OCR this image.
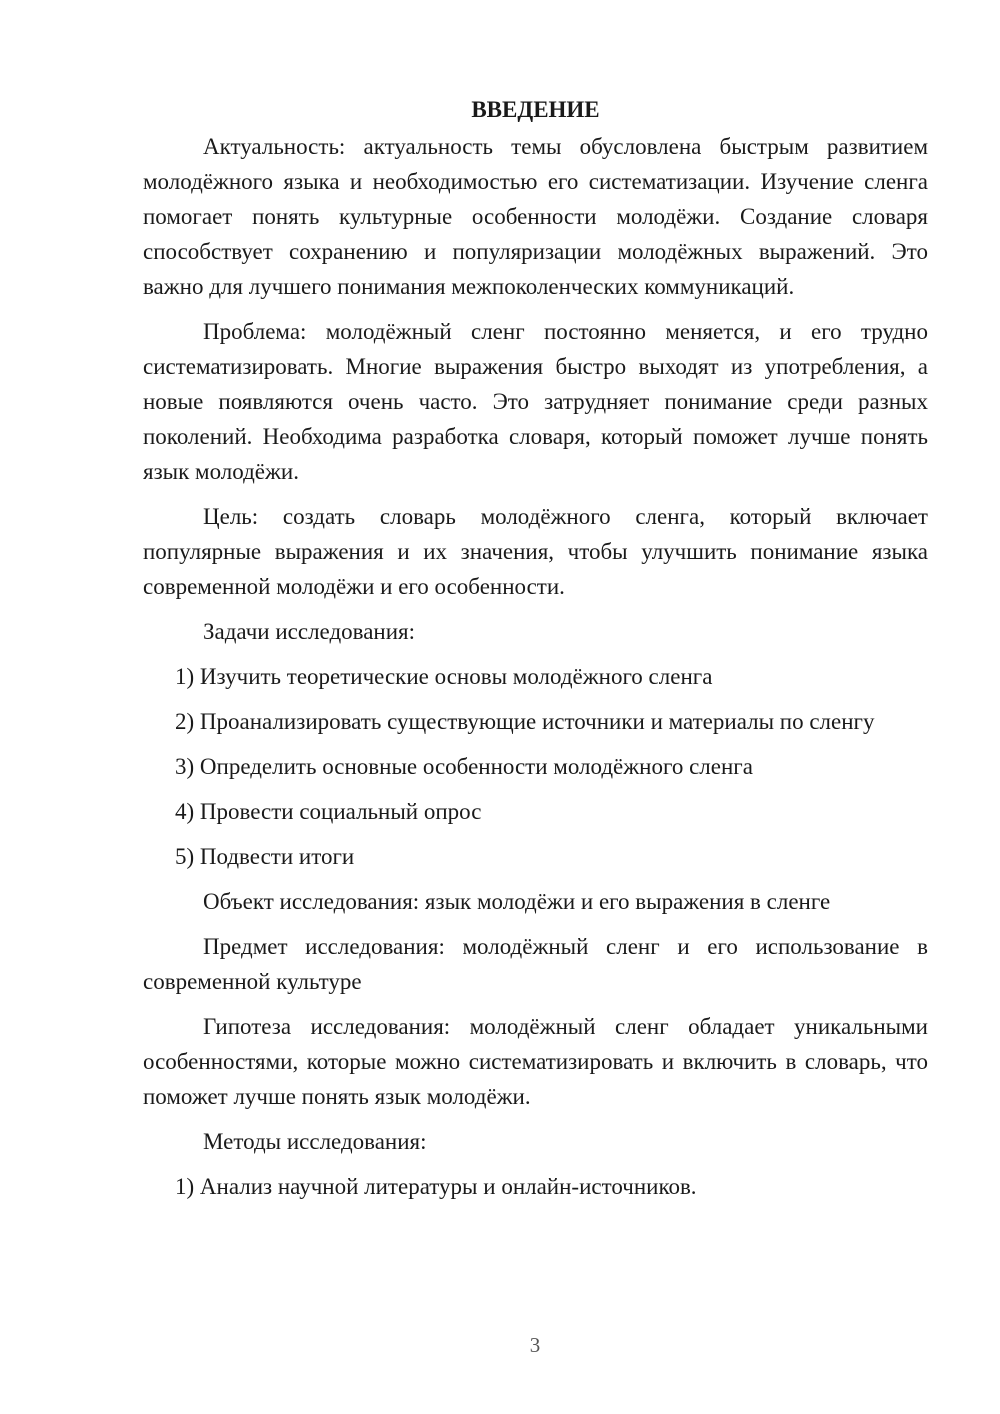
ВВЕДЕНИЕ

Актуальность: актуальность темы обусловлена быстрым развитием молодёжного языка и необходимостью его систематизации. Изучение сленга помогает понять культурные особенности молодёжи. Создание словаря способствует сохранению и популяризации молодёжных выражений. Это важно для лучшего понимания межпоколенческих коммуникаций.

Проблема: молодёжный сленг постоянно меняется, и его трудно систематизировать. Многие выражения быстро выходят из употребления, а новые появляются очень часто. Это затрудняет понимание среди разных поколений. Необходима разработка словаря, который поможет лучше понять язык молодёжи.

Цель: создать словарь молодёжного сленга, который включает популярные выражения и их значения, чтобы улучшить понимание языка современной молодёжи и его особенности.

Задачи исследования:

1) Изучить теоретические основы молодёжного сленга

2) Проанализировать существующие источники и материалы по сленгу

3) Определить основные особенности молодёжного сленга

4) Провести социальный опрос

5) Подвести итоги

Объект исследования: язык молодёжи и его выражения в сленге

Предмет исследования: молодёжный сленг и его использование в современной культуре

Гипотеза исследования: молодёжный сленг обладает уникальными особенностями, которые можно систематизировать и включить в словарь, что поможет лучше понять язык молодёжи.

Методы исследования:

1) Анализ научной литературы и онлайн-источников.

3
